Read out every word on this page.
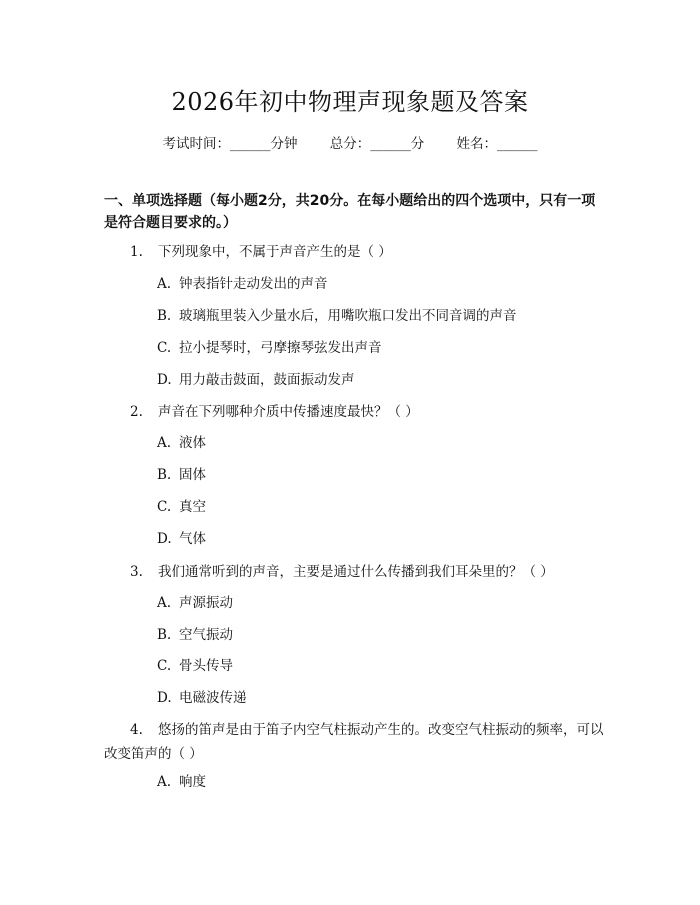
2026年初中物理声现象题及答案
考试时间：______分钟 总分：______分 姓名：______
一、单项选择题（每小题2分，共20分。在每小题给出的四个选项中，只有一项是符合题目要求的。）
1. 下列现象中，不属于声音产生的是（ ）
A. 钟表指针走动发出的声音
B. 玻璃瓶里装入少量水后，用嘴吹瓶口发出不同音调的声音
C. 拉小提琴时，弓摩擦琴弦发出声音
D. 用力敲击鼓面，鼓面振动发声
2. 声音在下列哪种介质中传播速度最快？（ ）
A. 液体
B. 固体
C. 真空
D. 气体
3. 我们通常听到的声音，主要是通过什么传播到我们耳朵里的？（ ）
A. 声源振动
B. 空气振动
C. 骨头传导
D. 电磁波传递
4. 悠扬的笛声是由于笛子内空气柱振动产生的。改变空气柱振动的频率，可以改变笛声的（ ）
A. 响度
